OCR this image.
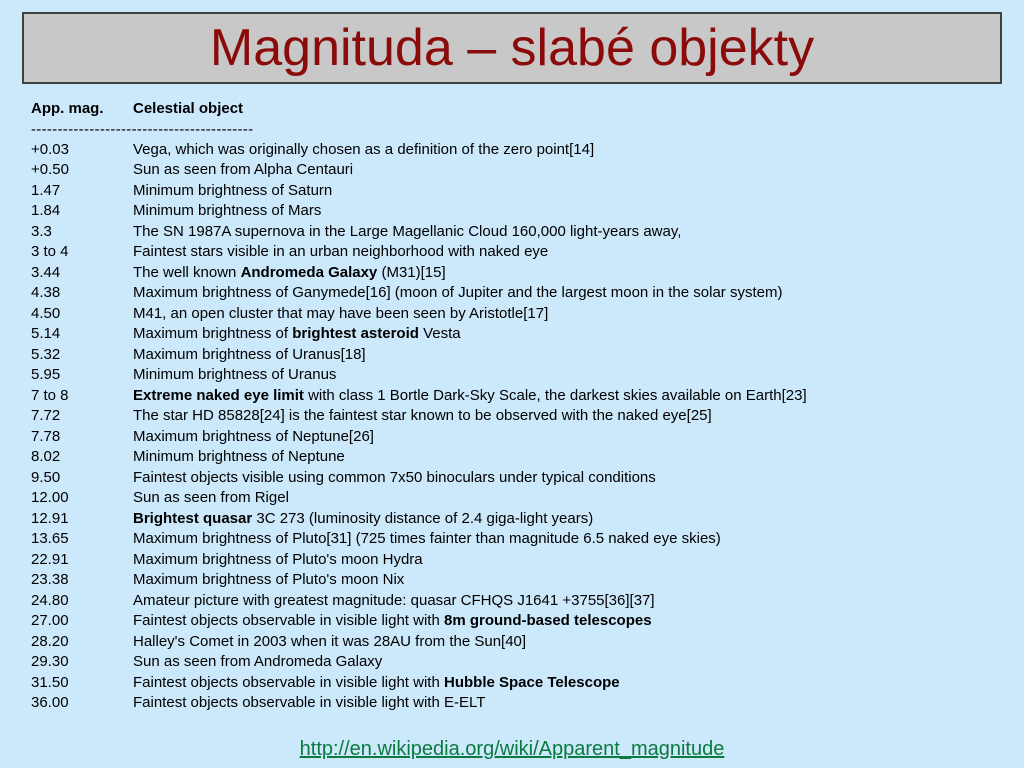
Magnituda – slabé objekty
App. mag.	Celestial object
------------------------------------------
+0.03	Vega, which was originally chosen as a definition of the zero point[14]
+0.50	Sun as seen from Alpha Centauri
1.47	Minimum brightness of Saturn
1.84	Minimum brightness of Mars
3.3	The SN 1987A supernova in the Large Magellanic Cloud 160,000 light-years away,
3 to 4	Faintest stars visible in an urban neighborhood with naked eye
3.44	The well known Andromeda Galaxy (M31)[15]
4.38	Maximum brightness of Ganymede[16] (moon of Jupiter and the largest moon in the solar system)
4.50	M41, an open cluster that may have been seen by Aristotle[17]
5.14	Maximum brightness of brightest asteroid Vesta
5.32	Maximum brightness of Uranus[18]
5.95	Minimum brightness of Uranus
7 to 8	Extreme naked eye limit with class 1 Bortle Dark-Sky Scale, the darkest skies available on Earth[23]
7.72	The star HD 85828[24] is the faintest star known to be observed with the naked eye[25]
7.78	Maximum brightness of Neptune[26]
8.02	Minimum brightness of Neptune
9.50	Faintest objects visible using common 7x50 binoculars under typical conditions
12.00	Sun as seen from Rigel
12.91	Brightest quasar 3C 273 (luminosity distance of 2.4 giga-light years)
13.65	Maximum brightness of Pluto[31] (725 times fainter than magnitude 6.5 naked eye skies)
22.91	Maximum brightness of Pluto's moon Hydra
23.38	Maximum brightness of Pluto's moon Nix
24.80	Amateur picture with greatest magnitude: quasar CFHQS J1641 +3755[36][37]
27.00	Faintest objects observable in visible light with 8m ground-based telescopes
28.20	Halley's Comet in 2003 when it was 28AU from the Sun[40]
29.30	Sun as seen from Andromeda Galaxy
31.50	Faintest objects observable in visible light with Hubble Space Telescope
36.00	Faintest objects observable in visible light with E-ELT
http://en.wikipedia.org/wiki/Apparent_magnitude
